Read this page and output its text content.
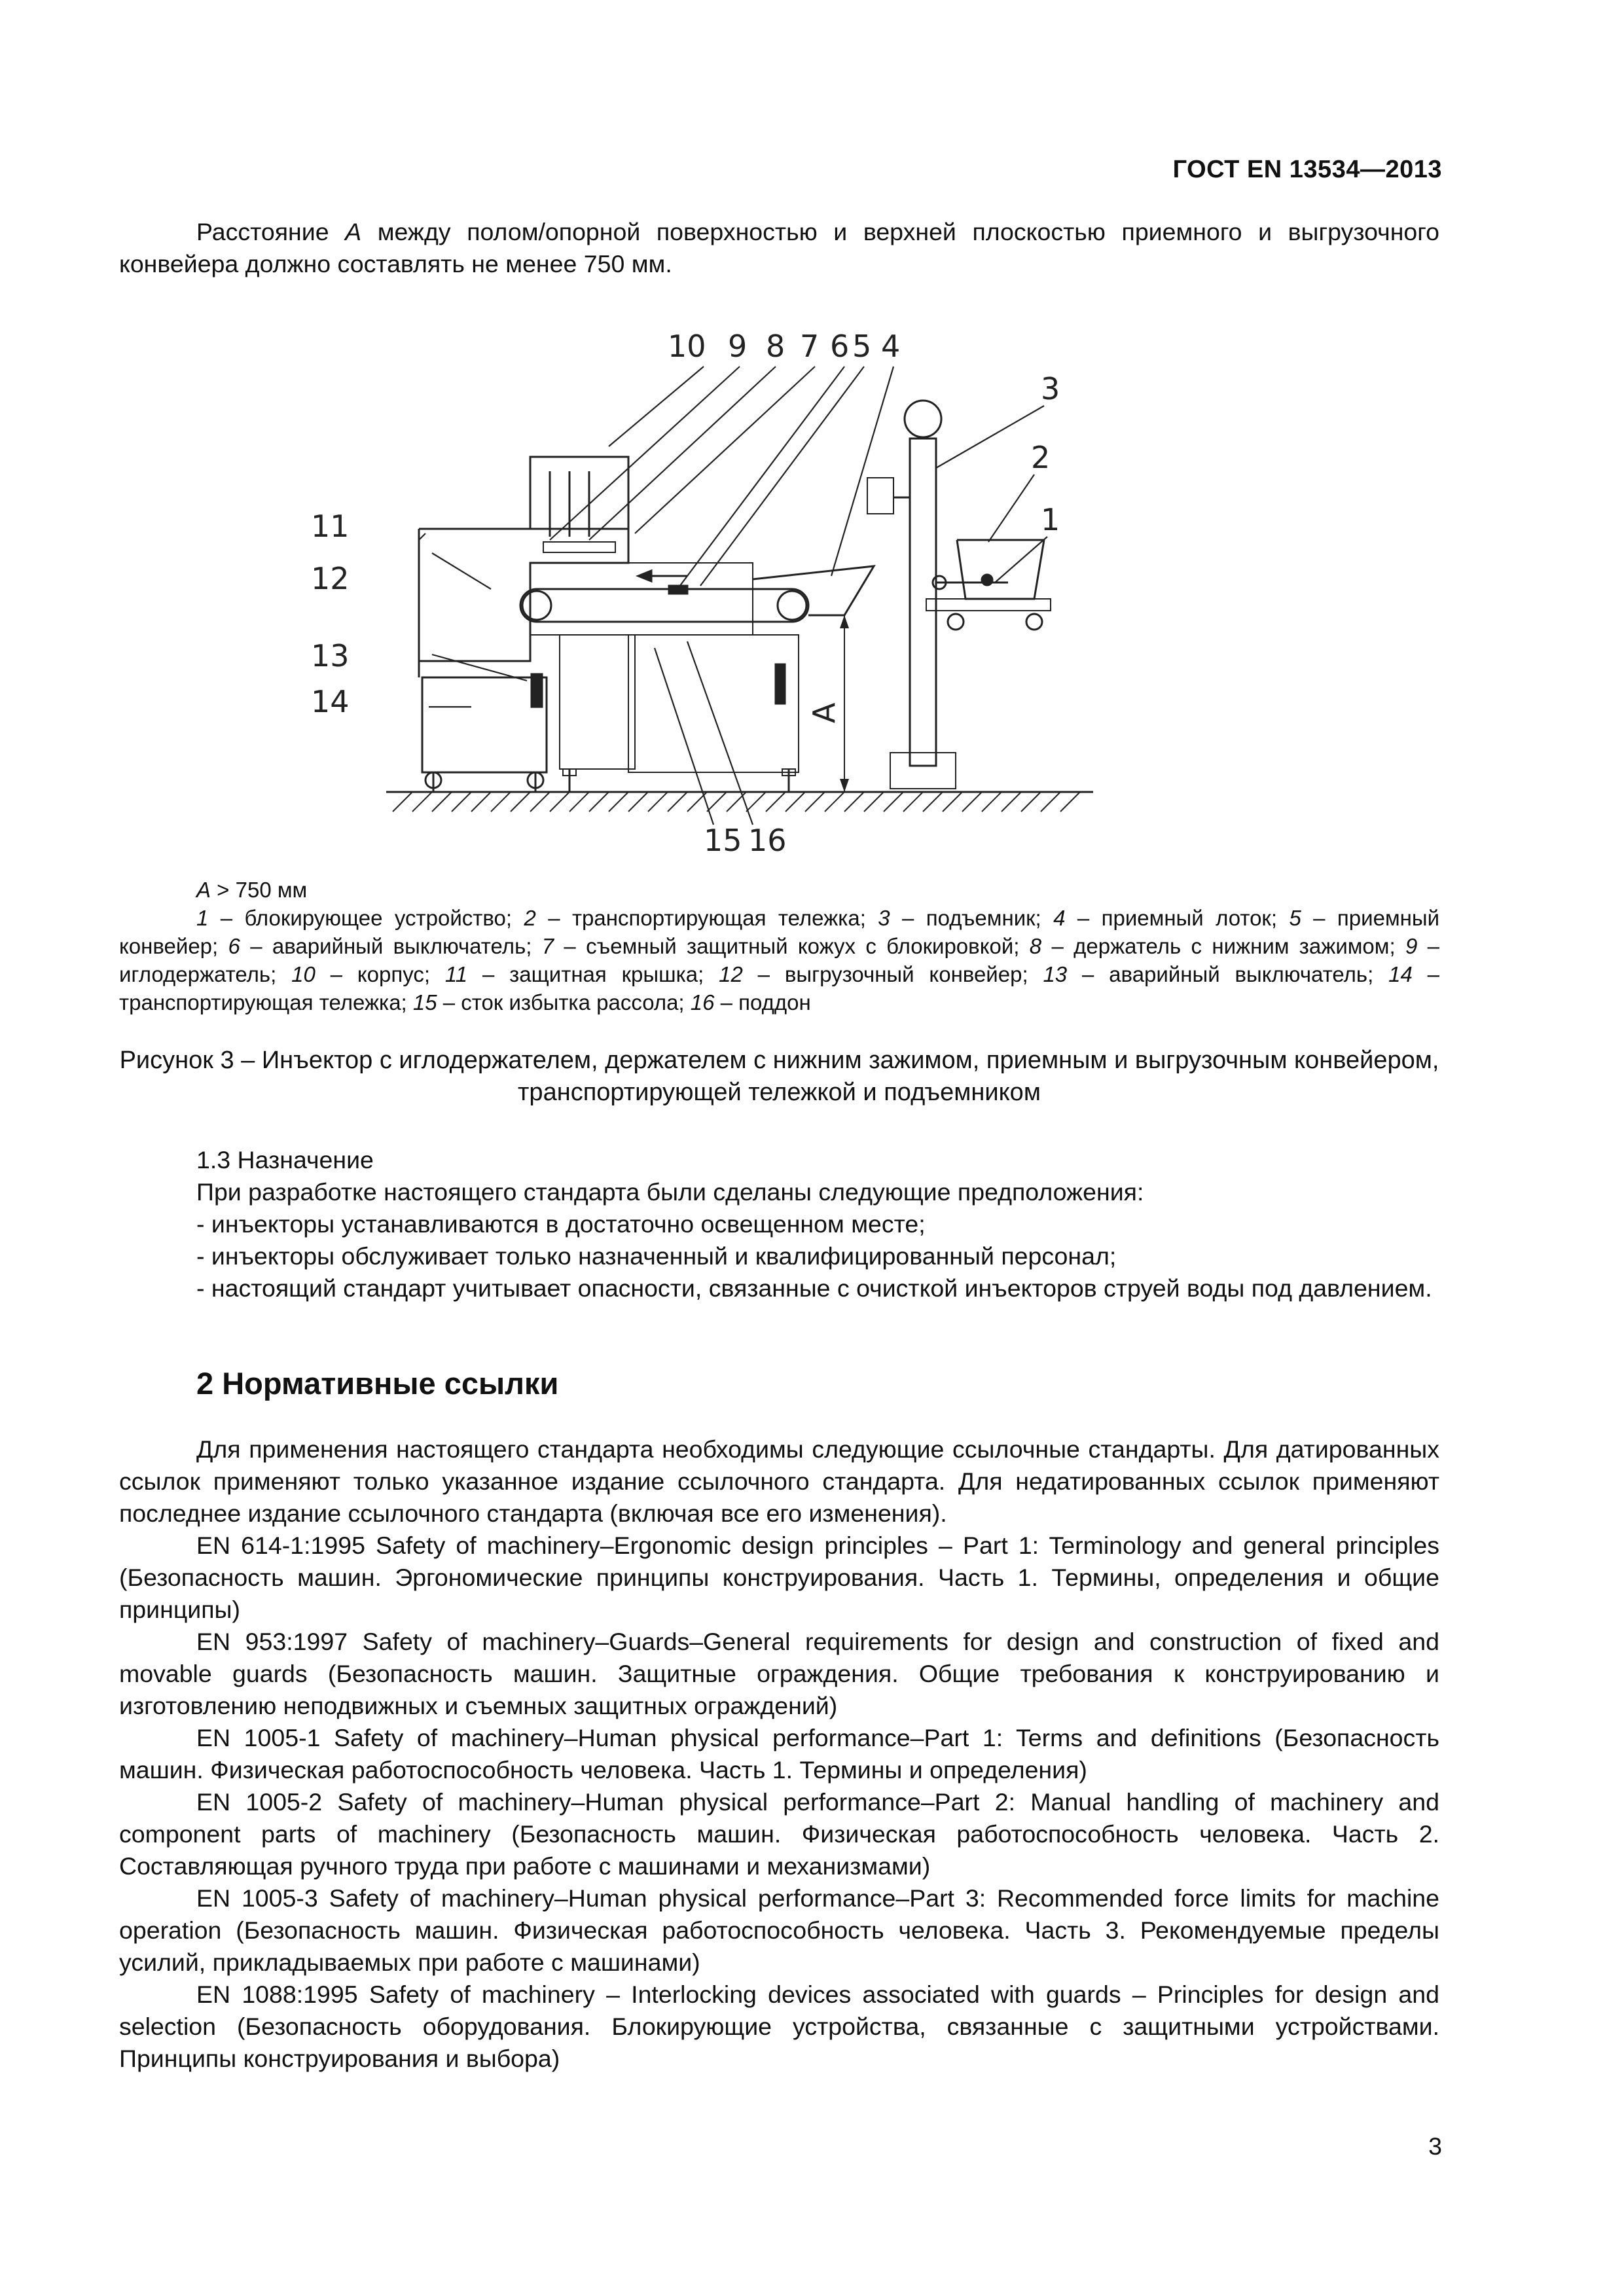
ГОСТ EN 13534—2013

Расстояние А между полом/опорной поверхностью и верхней плоскостью приемного и выгрузочного конвейера должно составлять не менее 750 мм.

10 9 8 7 6 5 4
3
2
1
11
12
13
14
15 16
А
А > 750 мм
1 – блокирующее устройство; 2 – транспортирующая тележка; 3 – подъемник; 4 – приемный лоток; 5 – приемный конвейер; 6 – аварийный выключатель; 7 – съемный защитный кожух с блокировкой; 8 – держатель с нижним зажимом; 9 – иглодержатель; 10 – корпус; 11 – защитная крышка; 12 – выгрузочный конвейер; 13 – аварийный выключатель; 14 – транспортирующая тележка; 15 – сток избытка рассола; 16 – поддон

Рисунок 3 – Инъектор с иглодержателем, держателем с нижним зажимом, приемным и выгрузочным конвейером, транспортирующей тележкой и подъемником

1.3 Назначение
При разработке настоящего стандарта были сделаны следующие предположения:
- инъекторы устанавливаются в достаточно освещенном месте;
- инъекторы обслуживает только назначенный и квалифицированный персонал;
- настоящий стандарт учитывает опасности, связанные с очисткой инъекторов струей воды под давлением.
2 Нормативные ссылки
Для применения настоящего стандарта необходимы следующие ссылочные стандарты. Для датированных ссылок применяют только указанное издание ссылочного стандарта. Для недатированных ссылок применяют последнее издание ссылочного стандарта (включая все его изменения).
EN 614-1:1995 Safety of machinery–Ergonomic design principles – Part 1: Terminology and general principles (Безопасность машин. Эргономические принципы конструирования. Часть 1. Термины, определения и общие принципы)
EN 953:1997 Safety of machinery–Guards–General requirements for design and construction of fixed and movable guards (Безопасность машин. Защитные ограждения. Общие требования к конструированию и изготовлению неподвижных и съемных защитных ограждений)
EN 1005-1 Safety of machinery–Human physical performance–Part 1: Terms and definitions (Безопасность машин. Физическая работоспособность человека. Часть 1. Термины и определения)
EN 1005-2 Safety of machinery–Human physical performance–Part 2: Manual handling of machinery and component parts of machinery (Безопасность машин. Физическая работоспособность человека. Часть 2. Составляющая ручного труда при работе с машинами и механизмами)
EN 1005-3 Safety of machinery–Human physical performance–Part 3: Recommended force limits for machine operation (Безопасность машин. Физическая работоспособность человека. Часть 3. Рекомендуемые пределы усилий, прикладываемых при работе с машинами)
EN 1088:1995 Safety of machinery – Interlocking devices associated with guards – Principles for design and selection (Безопасность оборудования. Блокирующие устройства, связанные с защитными устройствами. Принципы конструирования и выбора)
3
